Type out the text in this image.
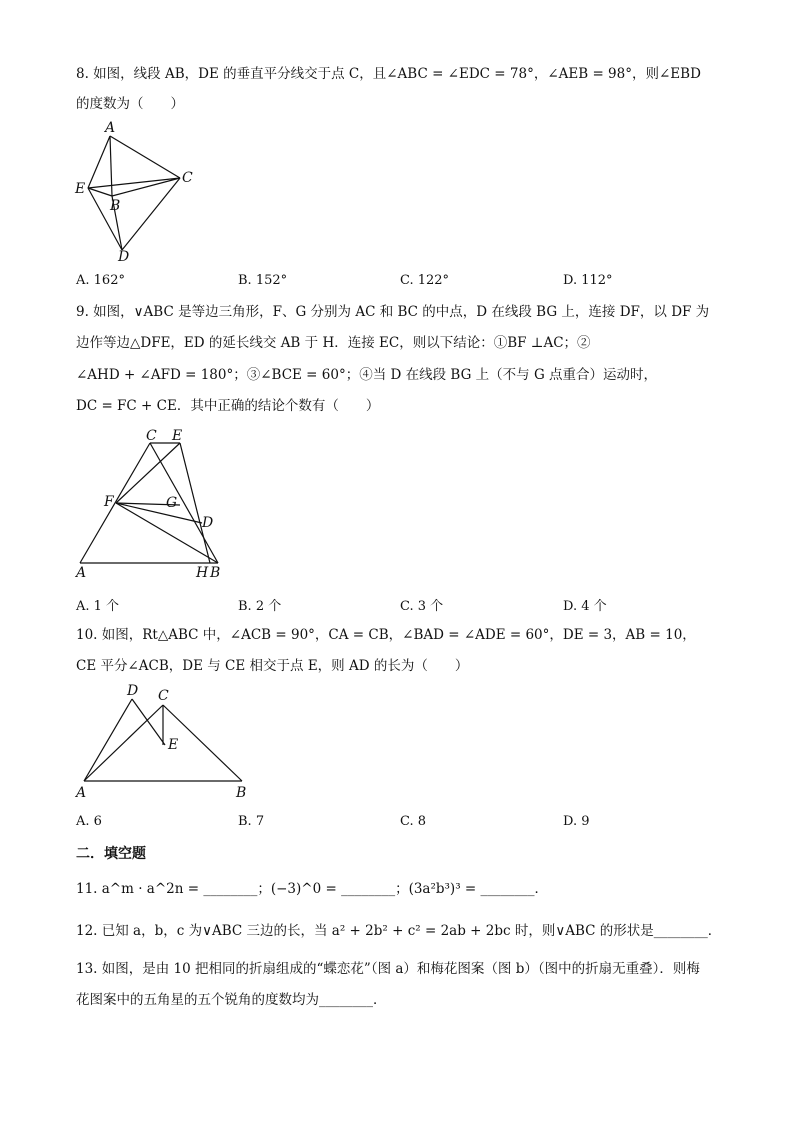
8. 如图，线段 AB，DE 的垂直平分线交于点 C，且∠ABC = ∠EDC = 78°，∠AEB = 98°，则∠EBD
的度数为（　　）
A
E
B
C
D
A. 162°	B. 152°	C. 122°	D. 112°
9. 如图，∨ABC 是等边三角形，F、G 分别为 AC 和 BC 的中点，D 在线段 BG 上，连接 DF，以 DF 为
边作等边△DFE，ED 的延长线交 AB 于 H．连接 EC，则以下结论：①BF ⊥AC；②
∠AHD + ∠AFD = 180°；③∠BCE = 60°；④当 D 在线段 BG 上（不与 G 点重合）运动时，
DC = FC + CE．其中正确的结论个数有（　　）
C E
F	G
D
A	H B
A. 1 个	B. 2 个	C. 3 个	D. 4 个
10. 如图，Rt△ABC 中，∠ACB = 90°，CA = CB，∠BAD = ∠ADE = 60°，DE = 3，AB = 10，
CE 平分∠ACB，DE 与 CE 相交于点 E，则 AD 的长为（　　）
D C
E
A	B
A. 6	B. 7	C. 8	D. 9
二．填空题
11. a^m · a^2n = ________；(−3)^0 = ________；(3a²b³)³ = ________．
12. 已知 a，b，c 为∨ABC 三边的长，当 a² + 2b² + c² = 2ab + 2bc 时，则∨ABC 的形状是________．
13. 如图，是由 10 把相同的折扇组成的“蝶恋花”（图 a）和梅花图案（图 b）（图中的折扇无重叠）．则梅
花图案中的五角星的五个锐角的度数均为________．
